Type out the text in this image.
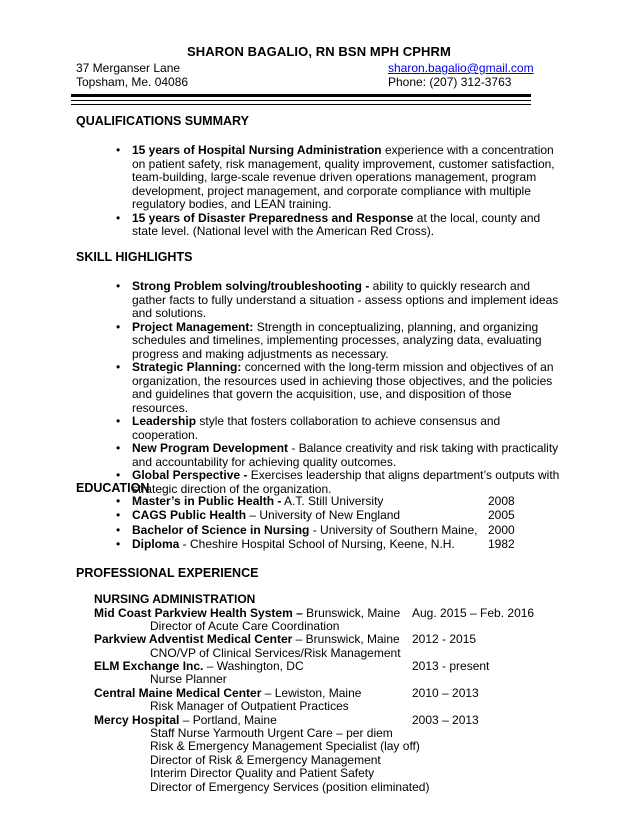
SHARON BAGALIO, RN BSN MPH CPHRM
37 Merganser Lane
Topsham, Me. 04086
sharon.bagalio@gmail.com
Phone: (207) 312-3763
QUALIFICATIONS SUMMARY
• 15 years of Hospital Nursing Administration experience with a concentration on patient safety, risk management, quality improvement, customer satisfaction, team-building, large-scale revenue driven operations management, program development, project management, and corporate compliance with multiple regulatory bodies, and LEAN training.
• 15 years of Disaster Preparedness and Response at the local, county and state level. (National level with the American Red Cross).
SKILL HIGHLIGHTS
• Strong Problem solving/troubleshooting - ability to quickly research and gather facts to fully understand a situation - assess options and implement ideas and solutions.
• Project Management: Strength in conceptualizing, planning, and organizing schedules and timelines, implementing processes, analyzing data, evaluating progress and making adjustments as necessary.
• Strategic Planning: concerned with the long-term mission and objectives of an organization, the resources used in achieving those objectives, and the policies and guidelines that govern the acquisition, use, and disposition of those resources.
• Leadership style that fosters collaboration to achieve consensus and cooperation.
• New Program Development - Balance creativity and risk taking with practicality and accountability for achieving quality outcomes.
• Global Perspective - Exercises leadership that aligns department’s outputs with strategic direction of the organization.
EDUCATION
• Master’s in Public Health - A.T. Still University	2008
• CAGS Public Health – University of New England	2005
• Bachelor of Science in Nursing - University of Southern Maine, 2000
• Diploma - Cheshire Hospital School of Nursing, Keene, N.H.	1982
PROFESSIONAL EXPERIENCE
NURSING ADMINISTRATION
Mid Coast Parkview Health System – Brunswick, Maine Aug. 2015 – Feb. 2016
Director of Acute Care Coordination
Parkview Adventist Medical Center – Brunswick, Maine 2012 - 2015
CNO/VP of Clinical Services/Risk Management
ELM Exchange Inc. – Washington, DC	2013 - present
Nurse Planner
Central Maine Medical Center – Lewiston, Maine	2010 – 2013
Risk Manager of Outpatient Practices
Mercy Hospital – Portland, Maine	2003 – 2013
Staff Nurse Yarmouth Urgent Care – per diem
Risk & Emergency Management Specialist (lay off)
Director of Risk & Emergency Management
Interim Director Quality and Patient Safety
Director of Emergency Services (position eliminated)
